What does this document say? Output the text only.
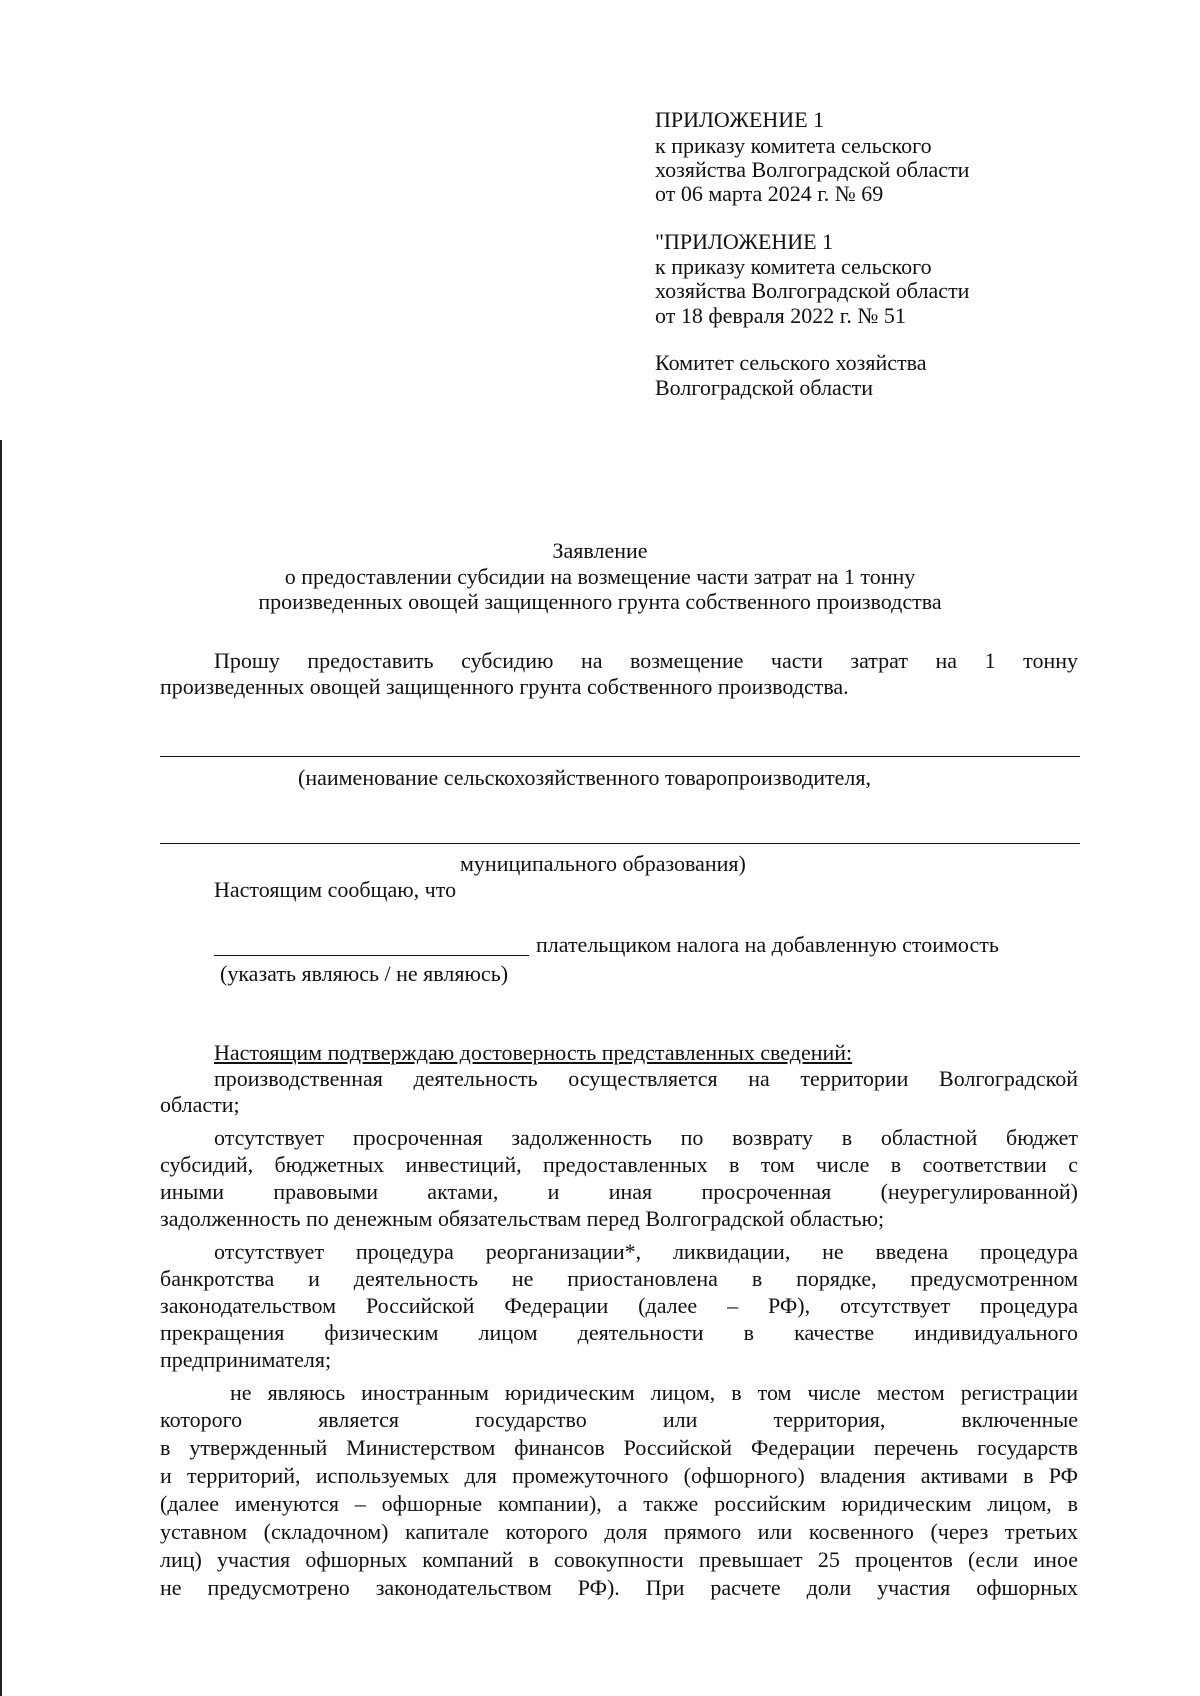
ПРИЛОЖЕНИЕ 1
к приказу комитета сельского
хозяйства Волгоградской области
от 06 марта 2024 г. № 69
"ПРИЛОЖЕНИЕ 1
к приказу комитета сельского
хозяйства Волгоградской области
от 18 февраля 2022 г. № 51
Комитет сельского хозяйства
Волгоградской области
Заявление
о предоставлении субсидии на возмещение части затрат на 1 тонну
произведенных овощей защищенного грунта собственного производства
Прошу предоставить субсидию на возмещение части затрат на 1 тонну
произведенных овощей защищенного грунта собственного производства.
(наименование сельскохозяйственного товаропроизводителя,
муниципального образования)
Настоящим сообщаю, что
плательщиком налога на добавленную стоимость
(указать являюсь / не являюсь)
Настоящим подтверждаю достоверность представленных сведений:
производственная деятельность осуществляется на территории Волгоградской
области;
отсутствует просроченная задолженность по возврату в областной бюджет
субсидий, бюджетных инвестиций, предоставленных в том числе в соответствии с
иными правовыми актами, и иная просроченная (неурегулированной)
задолженность по денежным обязательствам перед Волгоградской областью;
отсутствует процедура реорганизации*, ликвидации, не введена процедура
банкротства и деятельность не приостановлена в порядке, предусмотренном
законодательством Российской Федерации (далее – РФ), отсутствует процедура
прекращения физическим лицом деятельности в качестве индивидуального
предпринимателя;
не являюсь иностранным юридическим лицом, в том числе местом регистрации
которого является государство или территория, включенные
в утвержденный Министерством финансов Российской Федерации перечень государств
и территорий, используемых для промежуточного (офшорного) владения активами в РФ
(далее именуются – офшорные компании), а также российским юридическим лицом, в
уставном (складочном) капитале которого доля прямого или косвенного (через третьих
лиц) участия офшорных компаний в совокупности превышает 25 процентов (если иное
не предусмотрено законодательством РФ). При расчете доли участия офшорных
